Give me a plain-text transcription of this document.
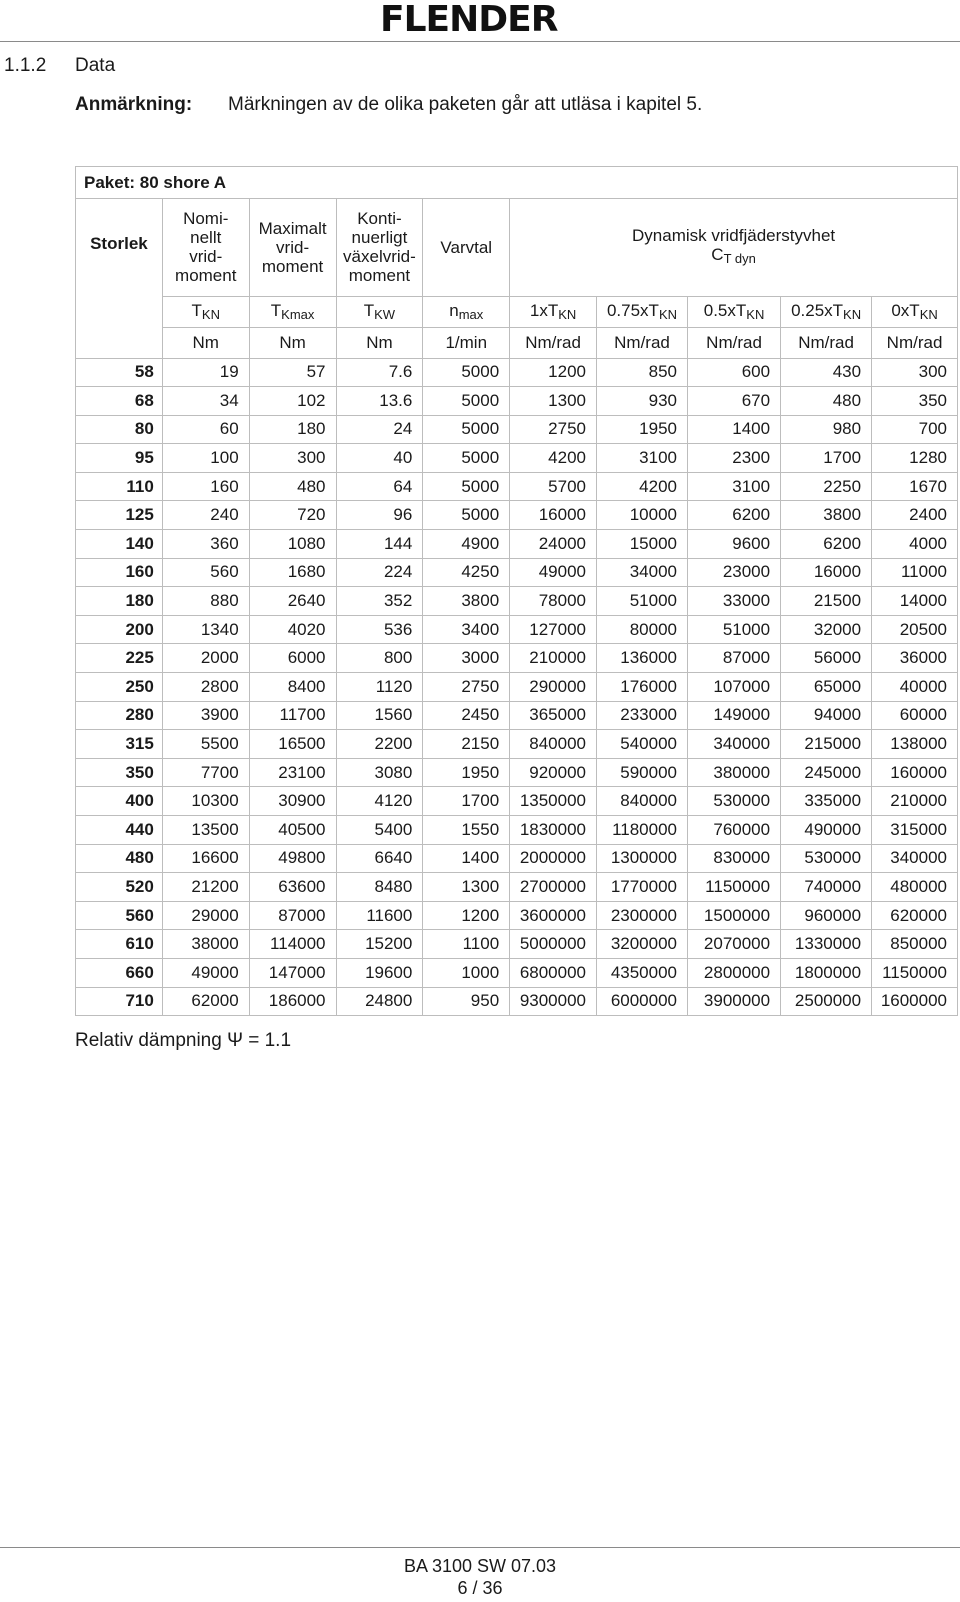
FLENDER
1.1.2 Data
Anmärkning: Märkningen av de olika paketen går att utläsa i kapitel 5.
Paket: 80 shore A									
Storlek	Nomi-
nellt
vrid-
moment	Maximalt
vrid-
moment	Konti-
nuerligt
växelvrid-
moment	Varvtal	Dynamisk vridfjäderstyvhet
$C_{T dyn}$
	$T_{KN}$	$T_{Kmax}$	$T_{KW}$	$n_{max}$	$1xT_{KN}$	$0.75xT_{KN}$	$0.5xT_{KN}$	$0.25xT_{KN}$	$0xT_{KN}$
	Nm	Nm	Nm	1/min	Nm/rad	Nm/rad	Nm/rad	Nm/rad	Nm/rad
58	19	57	7.6	5000	1200	850	600	430	300
68	34	102	13.6	5000	1300	930	670	480	350
80	60	180	24	5000	2750	1950	1400	980	700
95	100	300	40	5000	4200	3100	2300	1700	1280
110	160	480	64	5000	5700	4200	3100	2250	1670
125	240	720	96	5000	16000	10000	6200	3800	2400
140	360	1080	144	4900	24000	15000	9600	6200	4000
160	560	1680	224	4250	49000	34000	23000	16000	11000
180	880	2640	352	3800	78000	51000	33000	21500	14000
200	1340	4020	536	3400	127000	80000	51000	32000	20500
225	2000	6000	800	3000	210000	136000	87000	56000	36000
250	2800	8400	1120	2750	290000	176000	107000	65000	40000
280	3900	11700	1560	2450	365000	233000	149000	94000	60000
315	5500	16500	2200	2150	840000	540000	340000	215000	138000
350	7700	23100	3080	1950	920000	590000	380000	245000	160000
400	10300	30900	4120	1700	1350000	840000	530000	335000	210000
440	13500	40500	5400	1550	1830000	1180000	760000	490000	315000
480	16600	49800	6640	1400	2000000	1300000	830000	530000	340000
520	21200	63600	8480	1300	2700000	1770000	1150000	740000	480000
560	29000	87000	11600	1200	3600000	2300000	1500000	960000	620000
610	38000	114000	15200	1100	5000000	3200000	2070000	1330000	850000
660	49000	147000	19600	1000	6800000	4350000	2800000	1800000	1150000
710	62000	186000	24800	950	9300000	6000000	3900000	2500000	1600000
Relativ dämpning Ψ = 1.1
BA 3100 SW 07.03
6 / 36
